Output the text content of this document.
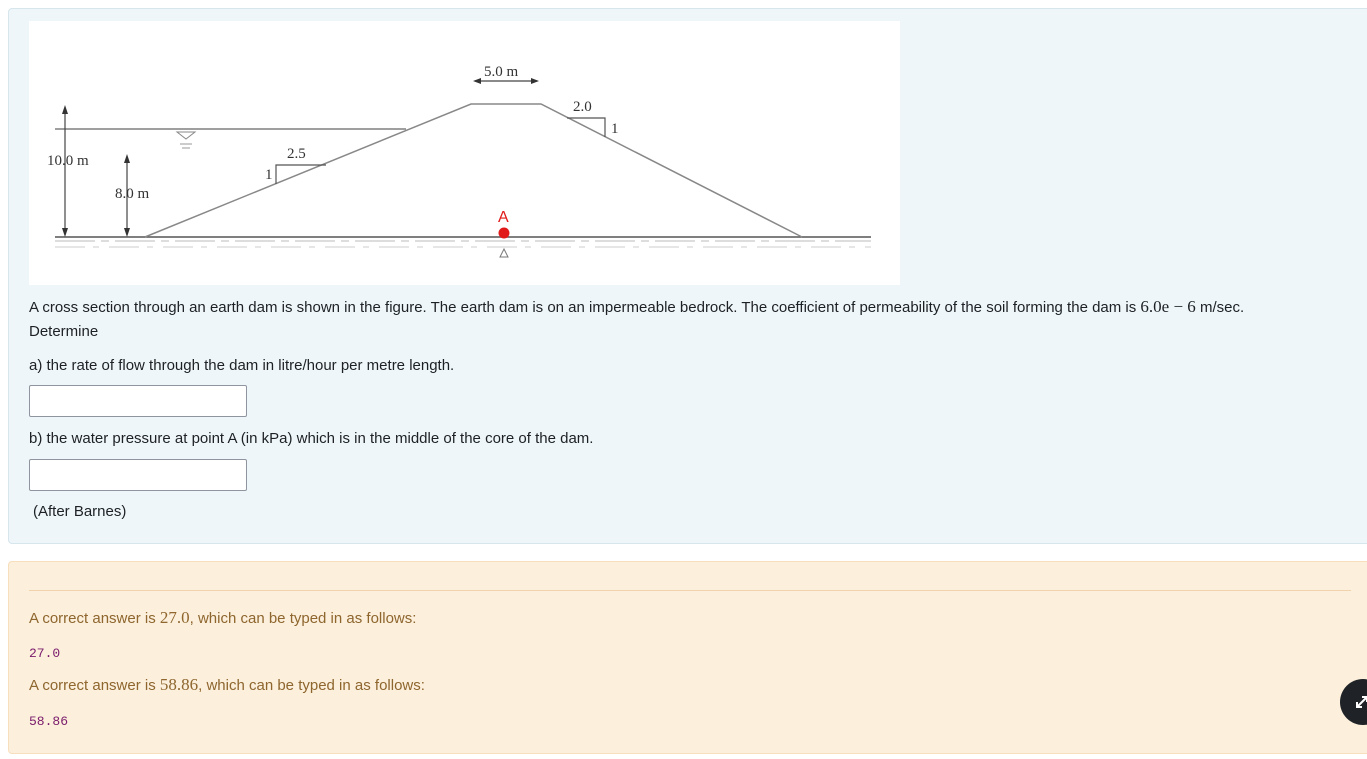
10.0 m
8.0 m
5.0 m
2.0
1
2.5
1
A
A cross section through an earth dam is shown in the figure. The earth dam is on an impermeable bedrock. The coefficient of permeability of the soil forming the dam is 6.0e − 6 m/sec.
Determine
a) the rate of flow through the dam in litre/hour per metre length.
b) the water pressure at point A (in kPa) which is in the middle of the core of the dam.
(After Barnes)
A correct answer is 27.0, which can be typed in as follows:
27.0
A correct answer is 58.86, which can be typed in as follows:
58.86
